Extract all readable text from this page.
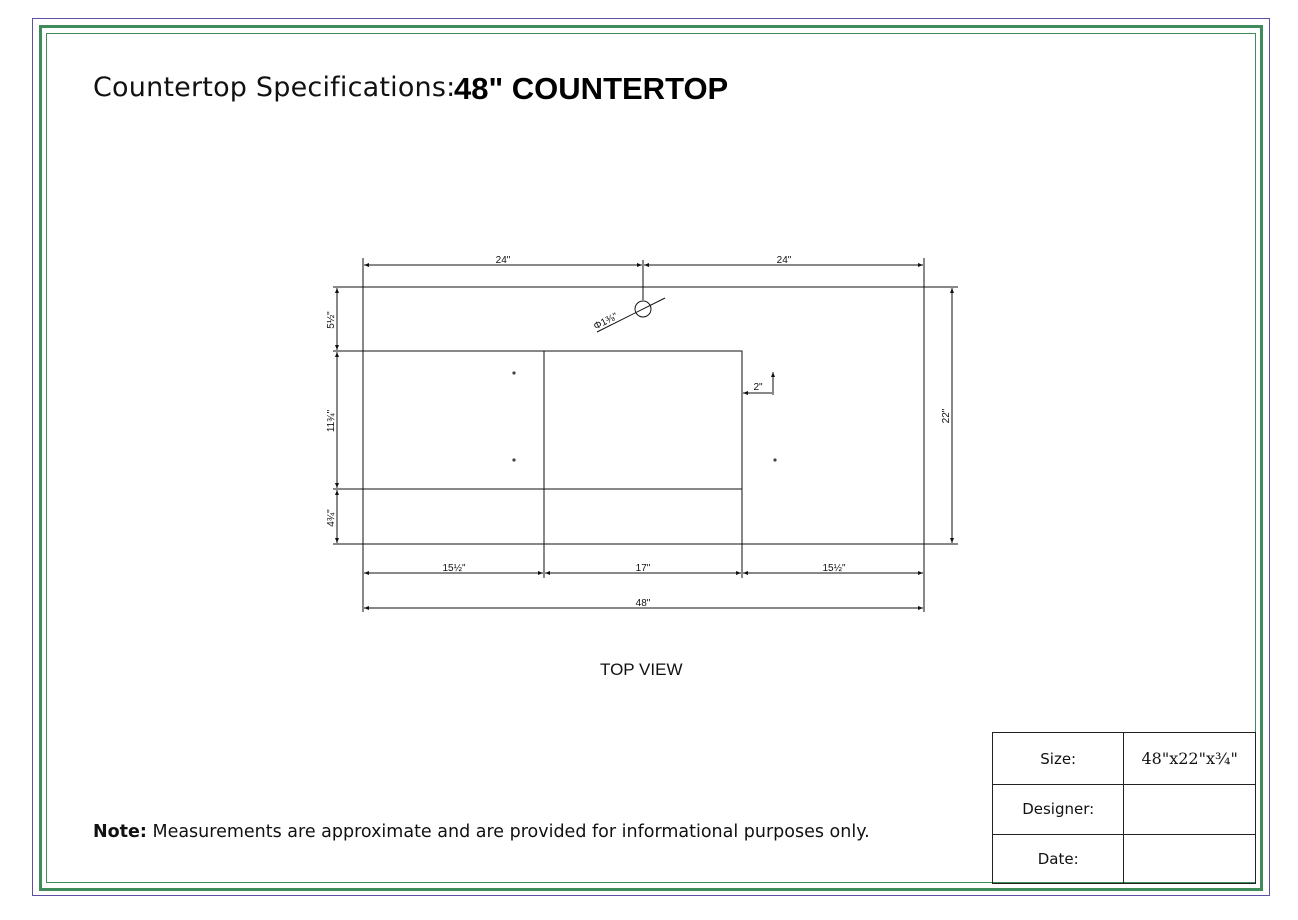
Countertop Specifications:
48" COUNTERTOP
24"	24"
5½"
11¾"
4¾"
22"
15½"	17"	15½"
48"
2"
Φ1⅜"
TOP VIEW
Note: Measurements are approximate and are provided for informational purposes only.
Size:	48"x22"x¾"
Designer:	
Date:	
